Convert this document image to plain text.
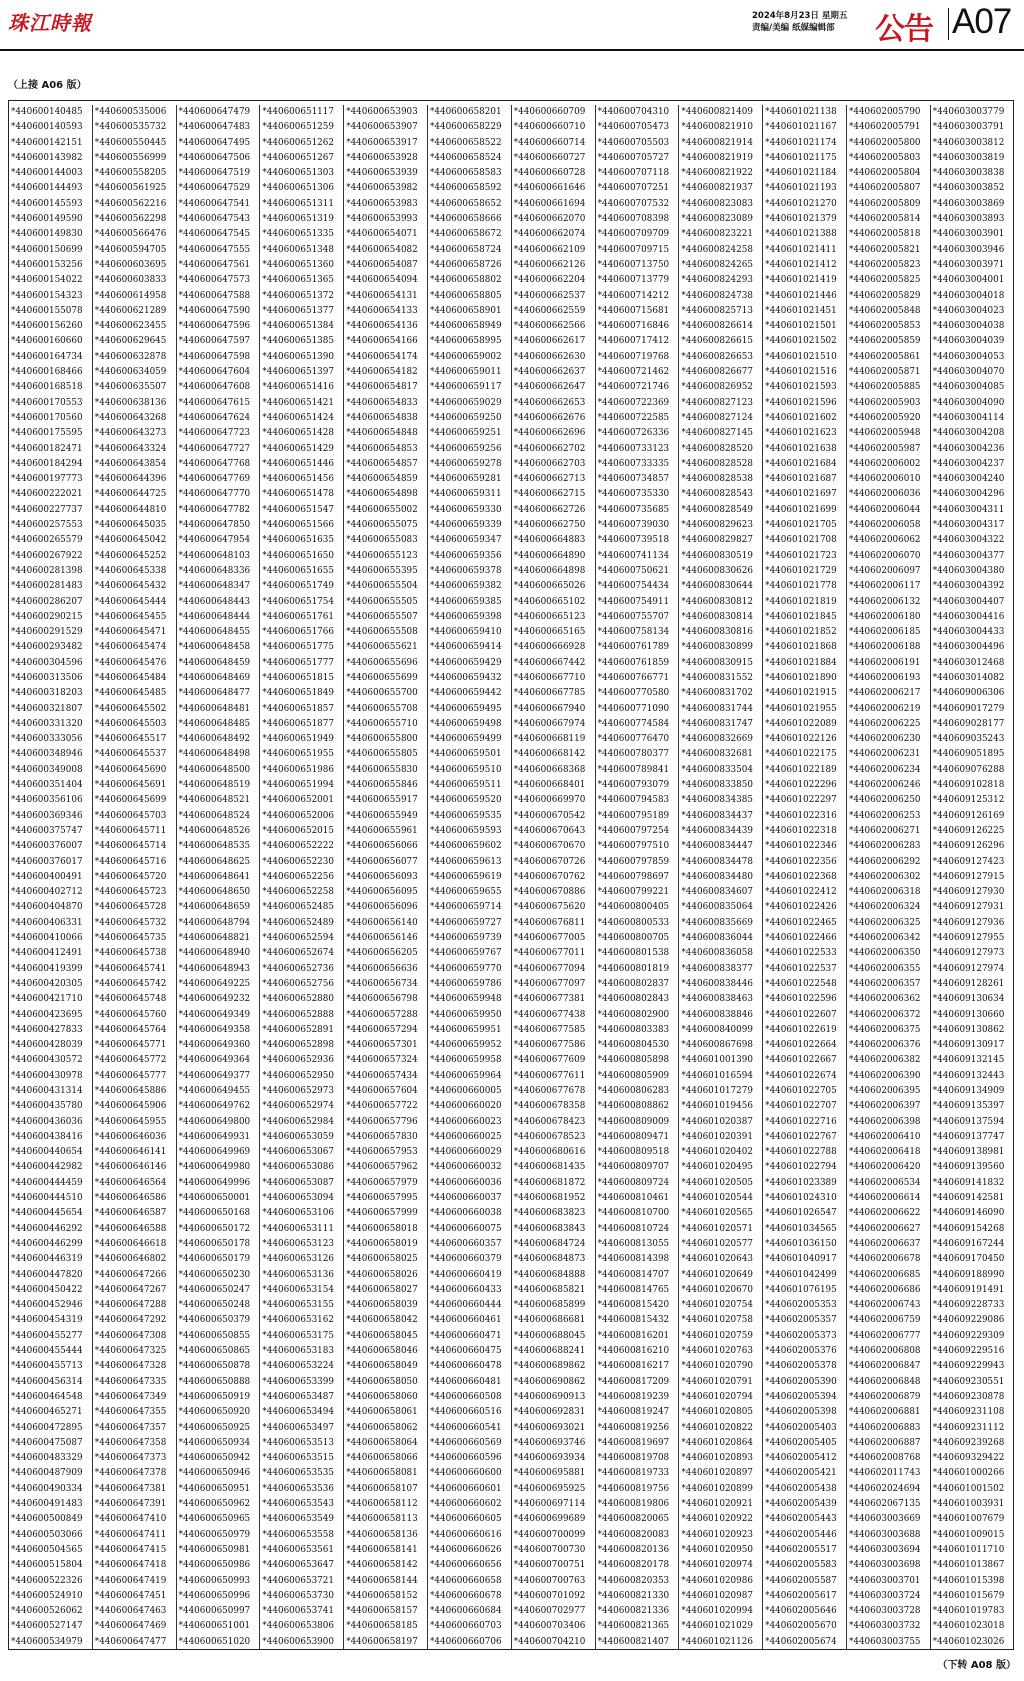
珠江時報	2024年8月23日 星期五
责编/美编 纸媒编辑部	公告 A07
（上接 A06 版）
*440600140485
*440600140593
*440600142151
*440600143982
*440600144003
*440600144493
*440600145593
*440600149590
*440600149830
*440600150699
*440600153256
*440600154022
*440600154323
*440600155078
*440600156260
*440600160660
*440600164734
*440600168466
*440600168518
*440600170553
*440600170560
*440600175595
*440600182471
*440600184294
*440600197773
*440600222021
*440600227737
*440600257553
*440600265579
*440600267922
*440600281398
*440600281483
*440600286207
*440600290215
*440600291529
*440600293482
*440600304596
*440600313506
*440600318203
*440600321807
*440600331320
*440600333056
*440600348946
*440600349008
*440600351404
*440600356106
*440600369346
*440600375747
*440600376007
*440600376017
*440600400491
*440600402712
*440600404870
*440600406331
*440600410066
*440600412491
*440600419399
*440600420305
*440600421710
*440600423695
*440600427833
*440600428039
*440600430572
*440600430978
*440600431314
*440600435780
*440600436036
*440600438416
*440600440654
*440600442982
*440600444459
*440600444510
*440600445654
*440600446292
*440600446299
*440600446319
*440600447820
*440600450422
*440600452946
*440600454319
*440600455277
*440600455444
*440600455713
*440600456314
*440600464548
*440600465271
*440600472895
*440600475087
*440600483329
*440600487909
*440600490334
*440600491483
*440600500849
*440600503066
*440600504565
*440600515804
*440600522326
*440600524910
*440600526062
*440600527147
*440600534979
*440600535006
*440600535732
*440600550445
*440600556999
*440600558205
*440600561925
*440600562216
*440600562298
*440600566476
*440600594705
*440600603695
*440600603833
*440600614958
*440600621289
*440600623455
*440600629645
*440600632878
*440600634059
*440600635507
*440600638136
*440600643268
*440600643273
*440600643324
*440600643854
*440600644396
*440600644725
*440600644810
*440600645035
*440600645042
*440600645252
*440600645338
*440600645432
*440600645444
*440600645455
*440600645471
*440600645474
*440600645476
*440600645484
*440600645485
*440600645502
*440600645503
*440600645517
*440600645537
*440600645690
*440600645691
*440600645699
*440600645703
*440600645711
*440600645714
*440600645716
*440600645720
*440600645723
*440600645728
*440600645732
*440600645735
*440600645738
*440600645741
*440600645742
*440600645748
*440600645760
*440600645764
*440600645771
*440600645772
*440600645777
*440600645886
*440600645906
*440600645955
*440600646036
*440600646141
*440600646146
*440600646564
*440600646586
*440600646587
*440600646588
*440600646618
*440600646802
*440600647266
*440600647267
*440600647288
*440600647292
*440600647308
*440600647325
*440600647328
*440600647335
*440600647349
*440600647355
*440600647357
*440600647358
*440600647373
*440600647378
*440600647381
*440600647391
*440600647410
*440600647411
*440600647415
*440600647418
*440600647419
*440600647451
*440600647463
*440600647469
*440600647477
*440600647479
*440600647483
*440600647495
*440600647506
*440600647519
*440600647529
*440600647541
*440600647543
*440600647545
*440600647555
*440600647561
*440600647573
*440600647588
*440600647590
*440600647596
*440600647597
*440600647598
*440600647604
*440600647608
*440600647615
*440600647624
*440600647723
*440600647727
*440600647768
*440600647769
*440600647770
*440600647782
*440600647850
*440600647954
*440600648103
*440600648336
*440600648347
*440600648443
*440600648444
*440600648455
*440600648458
*440600648459
*440600648469
*440600648477
*440600648481
*440600648485
*440600648492
*440600648498
*440600648500
*440600648519
*440600648521
*440600648524
*440600648526
*440600648535
*440600648625
*440600648641
*440600648650
*440600648659
*440600648794
*440600648821
*440600648940
*440600648943
*440600649225
*440600649232
*440600649349
*440600649358
*440600649360
*440600649364
*440600649377
*440600649455
*440600649762
*440600649800
*440600649931
*440600649969
*440600649980
*440600649996
*440600650001
*440600650168
*440600650172
*440600650178
*440600650179
*440600650230
*440600650247
*440600650248
*440600650379
*440600650855
*440600650865
*440600650878
*440600650888
*440600650919
*440600650920
*440600650925
*440600650934
*440600650942
*440600650946
*440600650951
*440600650962
*440600650965
*440600650979
*440600650981
*440600650986
*440600650993
*440600650996
*440600650997
*440600651001
*440600651020
*440600651117
*440600651259
*440600651262
*440600651267
*440600651303
*440600651306
*440600651311
*440600651319
*440600651335
*440600651348
*440600651360
*440600651365
*440600651372
*440600651377
*440600651384
*440600651385
*440600651390
*440600651397
*440600651416
*440600651421
*440600651424
*440600651428
*440600651429
*440600651446
*440600651456
*440600651478
*440600651547
*440600651566
*440600651635
*440600651650
*440600651655
*440600651749
*440600651754
*440600651761
*440600651766
*440600651775
*440600651777
*440600651815
*440600651849
*440600651857
*440600651877
*440600651949
*440600651955
*440600651986
*440600651994
*440600652001
*440600652006
*440600652015
*440600652222
*440600652230
*440600652256
*440600652258
*440600652485
*440600652489
*440600652594
*440600652674
*440600652736
*440600652756
*440600652880
*440600652888
*440600652891
*440600652898
*440600652936
*440600652950
*440600652973
*440600652974
*440600652984
*440600653059
*440600653067
*440600653086
*440600653087
*440600653094
*440600653106
*440600653111
*440600653123
*440600653126
*440600653136
*440600653154
*440600653155
*440600653162
*440600653175
*440600653183
*440600653224
*440600653399
*440600653487
*440600653494
*440600653497
*440600653513
*440600653515
*440600653535
*440600653536
*440600653543
*440600653549
*440600653558
*440600653561
*440600653647
*440600653721
*440600653730
*440600653741
*440600653806
*440600653900
*440600653903
*440600653907
*440600653917
*440600653928
*440600653939
*440600653982
*440600653983
*440600653993
*440600654071
*440600654082
*440600654087
*440600654094
*440600654131
*440600654133
*440600654136
*440600654166
*440600654174
*440600654182
*440600654817
*440600654833
*440600654838
*440600654848
*440600654853
*440600654857
*440600654859
*440600654898
*440600655002
*440600655075
*440600655083
*440600655123
*440600655395
*440600655504
*440600655505
*440600655507
*440600655508
*440600655621
*440600655696
*440600655699
*440600655700
*440600655708
*440600655710
*440600655800
*440600655805
*440600655830
*440600655846
*440600655917
*440600655949
*440600655961
*440600656066
*440600656077
*440600656093
*440600656095
*440600656096
*440600656140
*440600656146
*440600656205
*440600656636
*440600656734
*440600656798
*440600657288
*440600657294
*440600657301
*440600657324
*440600657434
*440600657604
*440600657722
*440600657796
*440600657830
*440600657953
*440600657962
*440600657979
*440600657995
*440600657999
*440600658018
*440600658019
*440600658025
*440600658026
*440600658027
*440600658039
*440600658042
*440600658045
*440600658046
*440600658049
*440600658050
*440600658060
*440600658061
*440600658062
*440600658064
*440600658066
*440600658081
*440600658107
*440600658112
*440600658113
*440600658136
*440600658141
*440600658142
*440600658144
*440600658152
*440600658157
*440600658185
*440600658197
*440600658201
*440600658229
*440600658522
*440600658524
*440600658583
*440600658592
*440600658652
*440600658666
*440600658672
*440600658724
*440600658726
*440600658802
*440600658805
*440600658901
*440600658949
*440600658995
*440600659002
*440600659011
*440600659117
*440600659029
*440600659250
*440600659251
*440600659256
*440600659278
*440600659281
*440600659311
*440600659330
*440600659339
*440600659347
*440600659356
*440600659378
*440600659382
*440600659385
*440600659398
*440600659410
*440600659414
*440600659429
*440600659432
*440600659442
*440600659495
*440600659498
*440600659499
*440600659501
*440600659510
*440600659511
*440600659520
*440600659535
*440600659593
*440600659602
*440600659613
*440600659619
*440600659655
*440600659714
*440600659727
*440600659739
*440600659767
*440600659770
*440600659786
*440600659948
*440600659950
*440600659951
*440600659952
*440600659958
*440600659964
*440600660005
*440600660020
*440600660023
*440600660025
*440600660029
*440600660032
*440600660036
*440600660037
*440600660038
*440600660075
*440600660357
*440600660379
*440600660419
*440600660433
*440600660444
*440600660461
*440600660471
*440600660475
*440600660478
*440600660481
*440600660508
*440600660516
*440600660541
*440600660569
*440600660596
*440600660600
*440600660601
*440600660602
*440600660605
*440600660616
*440600660626
*440600660656
*440600660658
*440600660678
*440600660684
*440600660703
*440600660706
*440600660709
*440600660710
*440600660714
*440600660727
*440600660728
*440600661646
*440600661694
*440600662070
*440600662074
*440600662109
*440600662126
*440600662204
*440600662537
*440600662559
*440600662566
*440600662617
*440600662630
*440600662637
*440600662647
*440600662653
*440600662676
*440600662696
*440600662702
*440600662703
*440600662713
*440600662715
*440600662726
*440600662750
*440600664883
*440600664890
*440600664898
*440600665026
*440600665102
*440600665123
*440600665165
*440600666928
*440600667442
*440600667710
*440600667785
*440600667940
*440600667974
*440600668119
*440600668142
*440600668368
*440600668401
*440600669970
*440600670542
*440600670643
*440600670670
*440600670726
*440600670762
*440600670886
*440600675620
*440600676811
*440600677005
*440600677011
*440600677094
*440600677097
*440600677381
*440600677438
*440600677585
*440600677586
*440600677609
*440600677611
*440600677678
*440600678358
*440600678423
*440600678523
*440600680616
*440600681435
*440600681872
*440600681952
*440600683823
*440600683843
*440600684724
*440600684873
*440600684888
*440600685821
*440600685899
*440600686681
*440600688045
*440600688241
*440600689862
*440600690862
*440600690913
*440600692831
*440600693021
*440600693746
*440600693934
*440600695881
*440600695925
*440600697114
*440600699689
*440600700099
*440600700730
*440600700751
*440600700763
*440600701092
*440600702977
*440600703406
*440600704210
*440600704310
*440600705473
*440600705503
*440600705727
*440600707118
*440600707251
*440600707532
*440600708398
*440600709709
*440600709715
*440600713750
*440600713779
*440600714212
*440600715681
*440600716846
*440600717412
*440600719768
*440600721462
*440600721746
*440600722369
*440600722585
*440600726336
*440600733123
*440600733335
*440600734857
*440600735330
*440600735685
*440600739030
*440600739518
*440600741134
*440600750621
*440600754434
*440600754911
*440600755707
*440600758134
*440600761789
*440600761859
*440600766771
*440600770580
*440600771090
*440600774584
*440600776470
*440600780377
*440600789841
*440600793079
*440600794583
*440600795189
*440600797254
*440600797510
*440600797859
*440600798697
*440600799221
*440600800405
*440600800533
*440600800705
*440600801538
*440600801819
*440600802837
*440600802843
*440600802900
*440600803383
*440600804530
*440600805898
*440600805909
*440600806283
*440600808862
*440600809009
*440600809471
*440600809518
*440600809707
*440600809724
*440600810461
*440600810700
*440600810724
*440600813055
*440600814398
*440600814707
*440600814765
*440600815420
*440600815432
*440600816201
*440600816210
*440600816217
*440600817209
*440600819239
*440600819247
*440600819256
*440600819697
*440600819708
*440600819733
*440600819756
*440600819806
*440600820065
*440600820083
*440600820136
*440600820178
*440600820353
*440600821330
*440600821336
*440600821365
*440600821407
*440600821409
*440600821910
*440600821914
*440600821919
*440600821922
*440600821937
*440600823083
*440600823089
*440600823221
*440600824258
*440600824265
*440600824293
*440600824738
*440600825713
*440600826614
*440600826615
*440600826653
*440600826677
*440600826952
*440600827123
*440600827124
*440600827145
*440600828520
*440600828528
*440600828538
*440600828543
*440600828549
*440600829623
*440600829827
*440600830519
*440600830626
*440600830644
*440600830812
*440600830814
*440600830816
*440600830899
*440600830915
*440600831552
*440600831702
*440600831744
*440600831747
*440600832669
*440600832681
*440600833504
*440600833850
*440600834385
*440600834437
*440600834439
*440600834447
*440600834478
*440600834480
*440600834607
*440600835064
*440600835669
*440600836044
*440600836058
*440600838377
*440600838446
*440600838463
*440600838846
*440600840099
*440600867698
*440601001390
*440601016594
*440601017279
*440601019456
*440601020387
*440601020391
*440601020402
*440601020495
*440601020505
*440601020544
*440601020565
*440601020571
*440601020577
*440601020643
*440601020649
*440601020670
*440601020754
*440601020758
*440601020759
*440601020763
*440601020790
*440601020791
*440601020794
*440601020805
*440601020822
*440601020864
*440601020893
*440601020897
*440601020899
*440601020921
*440601020922
*440601020923
*440601020950
*440601020974
*440601020986
*440601020987
*440601020994
*440601021029
*440601021126
*440601021138
*440601021167
*440601021174
*440601021175
*440601021184
*440601021193
*440601021270
*440601021379
*440601021388
*440601021411
*440601021412
*440601021419
*440601021446
*440601021451
*440601021501
*440601021502
*440601021510
*440601021516
*440601021593
*440601021596
*440601021602
*440601021623
*440601021638
*440601021684
*440601021687
*440601021697
*440601021699
*440601021705
*440601021708
*440601021723
*440601021729
*440601021778
*440601021819
*440601021845
*440601021852
*440601021868
*440601021884
*440601021890
*440601021915
*440601021955
*440601022089
*440601022126
*440601022175
*440601022189
*440601022296
*440601022297
*440601022316
*440601022318
*440601022346
*440601022356
*440601022368
*440601022412
*440601022426
*440601022465
*440601022466
*440601022533
*440601022537
*440601022548
*440601022596
*440601022607
*440601022619
*440601022664
*440601022667
*440601022674
*440601022705
*440601022707
*440601022716
*440601022767
*440601022788
*440601022794
*440601023389
*440601024310
*440601026547
*440601034565
*440601036150
*440601040917
*440601042499
*440601076195
*440602005353
*440602005357
*440602005373
*440602005376
*440602005378
*440602005390
*440602005394
*440602005398
*440602005403
*440602005405
*440602005412
*440602005421
*440602005438
*440602005439
*440602005443
*440602005446
*440602005517
*440602005583
*440602005587
*440602005617
*440602005646
*440602005670
*440602005674
*440602005790
*440602005791
*440602005800
*440602005803
*440602005804
*440602005807
*440602005809
*440602005814
*440602005818
*440602005821
*440602005823
*440602005825
*440602005829
*440602005848
*440602005853
*440602005859
*440602005861
*440602005871
*440602005885
*440602005903
*440602005920
*440602005948
*440602005987
*440602006002
*440602006010
*440602006036
*440602006044
*440602006058
*440602006062
*440602006070
*440602006097
*440602006117
*440602006132
*440602006180
*440602006185
*440602006188
*440602006191
*440602006193
*440602006217
*440602006219
*440602006225
*440602006230
*440602006231
*440602006234
*440602006246
*440602006250
*440602006253
*440602006271
*440602006283
*440602006292
*440602006302
*440602006318
*440602006324
*440602006325
*440602006342
*440602006350
*440602006355
*440602006357
*440602006362
*440602006372
*440602006375
*440602006376
*440602006382
*440602006390
*440602006395
*440602006397
*440602006398
*440602006410
*440602006418
*440602006420
*440602006534
*440602006614
*440602006622
*440602006627
*440602006637
*440602006678
*440602006685
*440602006686
*440602006743
*440602006759
*440602006777
*440602006808
*440602006847
*440602006848
*440602006879
*440602006881
*440602006883
*440602006887
*440602008768
*440602011743
*440602024694
*440602067135
*440603003669
*440603003688
*440603003694
*440603003698
*440603003701
*440603003724
*440603003728
*440603003732
*440603003755
*440603003779
*440603003791
*440603003812
*440603003819
*440603003838
*440603003852
*440603003869
*440603003893
*440603003901
*440603003946
*440603003971
*440603004001
*440603004018
*440603004023
*440603004038
*440603004039
*440603004053
*440603004070
*440603004085
*440603004090
*440603004114
*440603004208
*440603004236
*440603004237
*440603004240
*440603004296
*440603004311
*440603004317
*440603004322
*440603004377
*440603004380
*440603004392
*440603004407
*440603004416
*440603004433
*440603004496
*440603012468
*440603014082
*440609006306
*440609017279
*440609028177
*440609035243
*440609051895
*440609076288
*440609102818
*440609125312
*440609126169
*440609126225
*440609126296
*440609127423
*440609127915
*440609127930
*440609127931
*440609127936
*440609127955
*440609127973
*440609127974
*440609128261
*440609130634
*440609130660
*440609130862
*440609130917
*440609132145
*440609132443
*440609134909
*440609135397
*440609137594
*440609137747
*440609138981
*440609139560
*440609141832
*440609142581
*440609146090
*440609154268
*440609167244
*440609170450
*440609188990
*440609191491
*440609228733
*440609229086
*440609229309
*440609229516
*440609229943
*440609230551
*440609230878
*440609231108
*440609231112
*440609239268
*440609329422
*440601000266
*440601001502
*440601003931
*440601007679
*440601009015
*440601011710
*440601013867
*440601015398
*440601015679
*440601019783
*440601023018
*440601023026
（下转 A08 版）
